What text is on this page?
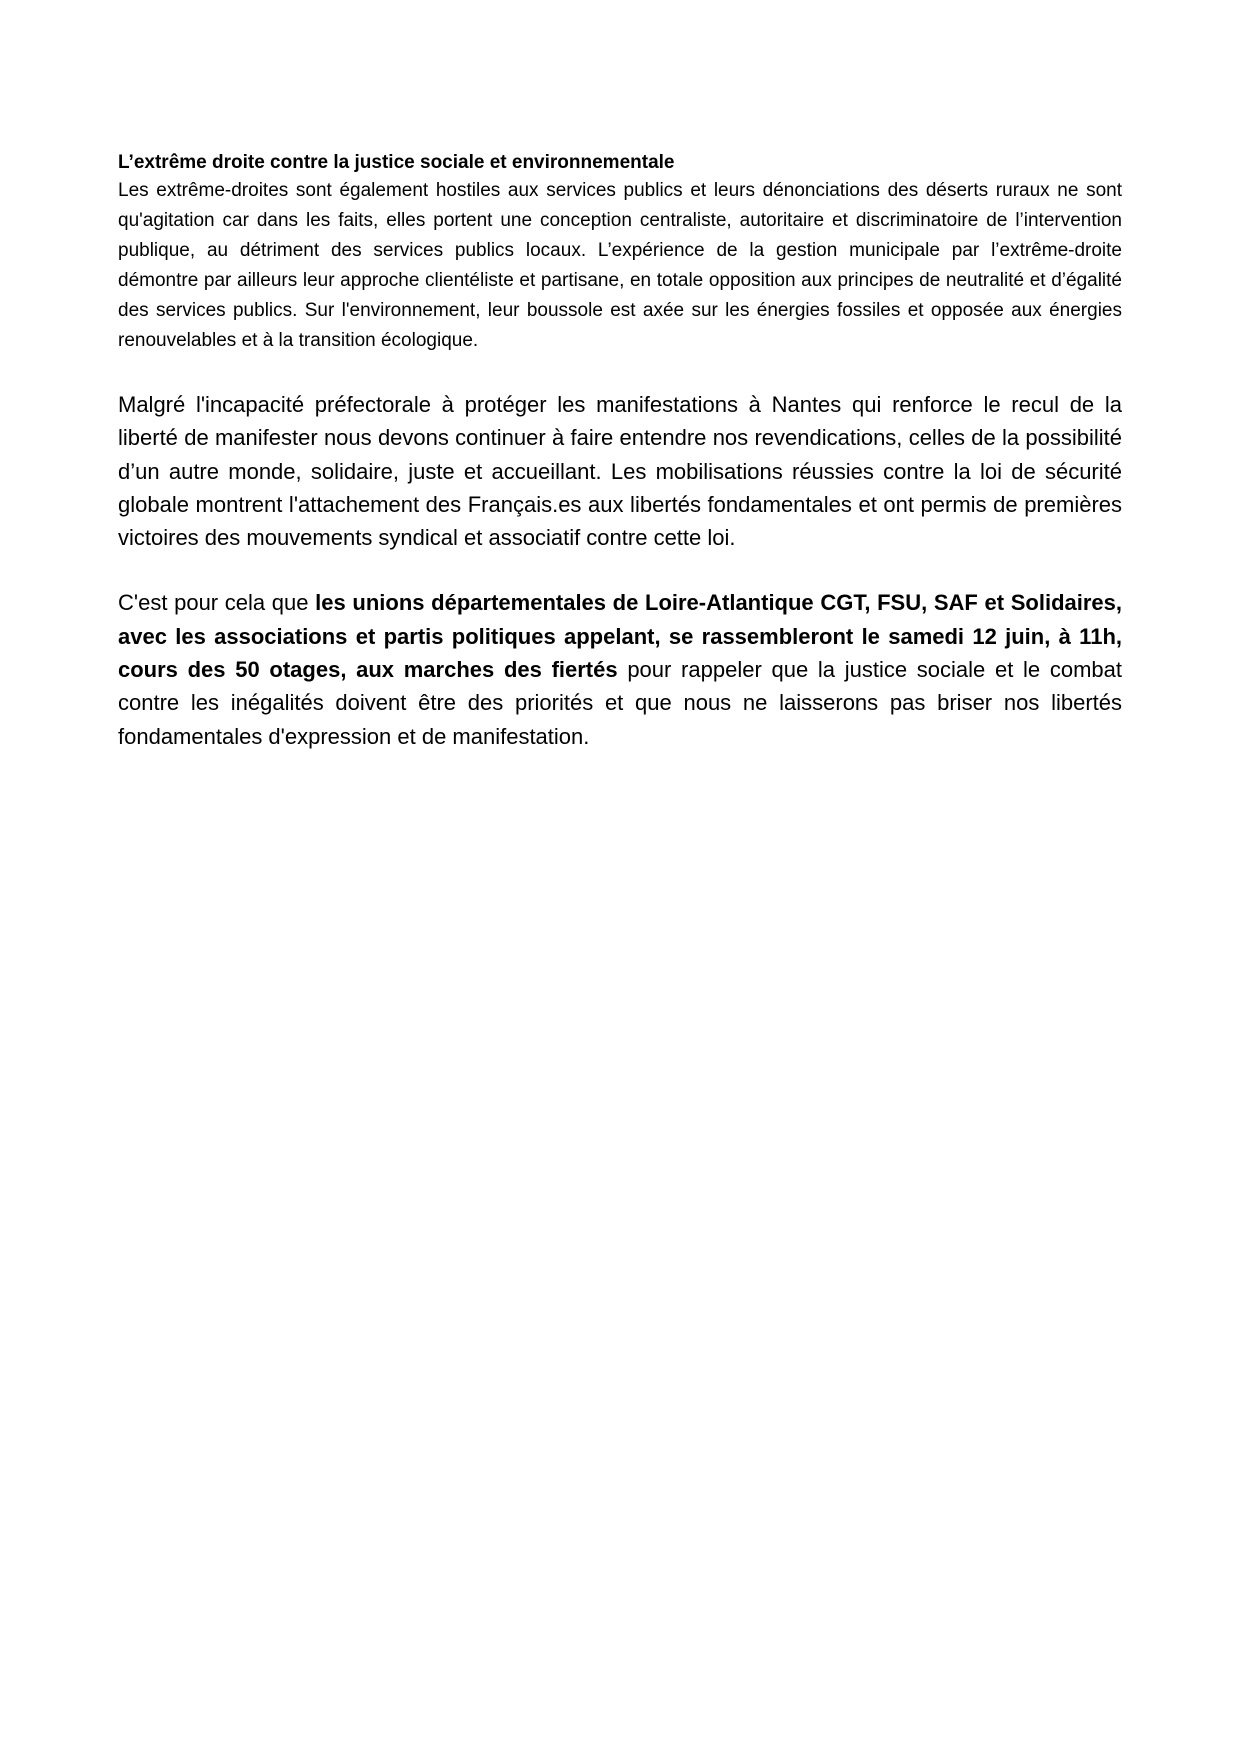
L’extrême droite contre la justice sociale et environnementale

Les extrême-droites sont également hostiles aux services publics et leurs dénonciations des déserts ruraux ne sont qu'agitation car dans les faits, elles portent une conception centraliste, autoritaire et discriminatoire de l’intervention publique, au détriment des services publics locaux. L’expérience de la gestion municipale par l’extrême-droite démontre par ailleurs leur approche clientéliste et partisane, en totale opposition aux principes de neutralité et d’égalité des services publics. Sur l'environnement, leur boussole est axée sur les énergies fossiles et opposée aux énergies renouvelables et à la transition écologique.

Malgré l'incapacité préfectorale à protéger les manifestations à Nantes qui renforce le recul de la liberté de manifester nous devons continuer à faire entendre nos revendications, celles de la possibilité d’un autre monde, solidaire, juste et accueillant. Les mobilisations réussies contre la loi de sécurité globale montrent l'attachement des Français.es aux libertés fondamentales et ont permis de premières victoires des mouvements syndical et associatif contre cette loi.

C'est pour cela que les unions départementales de Loire-Atlantique CGT, FSU, SAF et Solidaires, avec les associations et partis politiques appelant, se rassembleront le samedi 12 juin, à 11h, cours des 50 otages, aux marches des fiertés pour rappeler que la justice sociale et le combat contre les inégalités doivent être des priorités et que nous ne laisserons pas briser nos libertés fondamentales d'expression et de manifestation.
